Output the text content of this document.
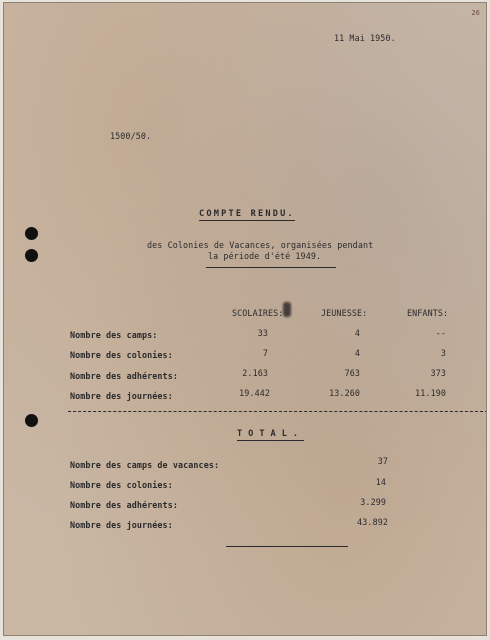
26
11 Mai 1950.
1500/50.
COMPTE RENDU.
des Colonies de Vacances, organisées pendant
la période d'été 1949.
SCOLAIRES:	JEUNESSE:	ENFANTS:
Nombre des camps:	33	4	--
Nombre des colonies:	7	4	3
Nombre des adhérents:	2.163	763	373
Nombre des journées:	19.442	13.260	11.190
TOTAL.
Nombre des camps de vacances:	37
Nombre des colonies:	14
Nombre des adhérents:	3.299
Nombre des journées:	43.892
